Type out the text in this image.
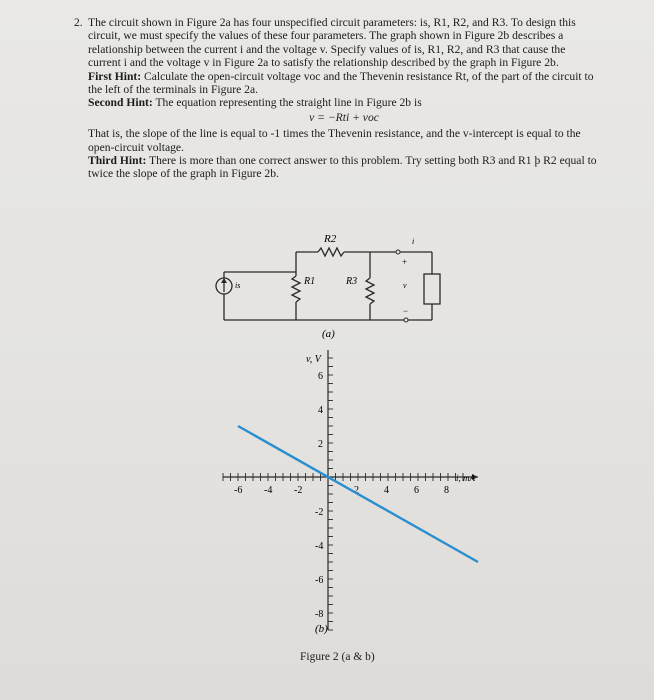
2. The circuit shown in Figure 2a has four unspecified circuit parameters: is, R1, R2, and R3. To design this circuit, we must specify the values of these four parameters. The graph shown in Figure 2b describes a relationship between the current i and the voltage v. Specify values of is, R1, R2, and R3 that cause the current i and the voltage v in Figure 2a to satisfy the relationship described by the graph in Figure 2b.

First Hint: Calculate the open-circuit voltage voc and the Thevenin resistance Rt, of the part of the circuit to the left of the terminals in Figure 2a.

Second Hint: The equation representing the straight line in Figure 2b is

v = −Rti + voc

That is, the slope of the line is equal to -1 times the Thevenin resistance, and the v-intercept is equal to the open-circuit voltage.

Third Hint: There is more than one correct answer to this problem. Try setting both R3 and R1 þ R2 equal to twice the slope of the graph in Figure 2b.

R2
R1	R3
is
i
+
v
−
(a)
-6 -4 -2	2	4	6	8
6
4
2
-2
-4
-6
-8
v, V
i, mA
(b)
Figure 2 (a & b)
